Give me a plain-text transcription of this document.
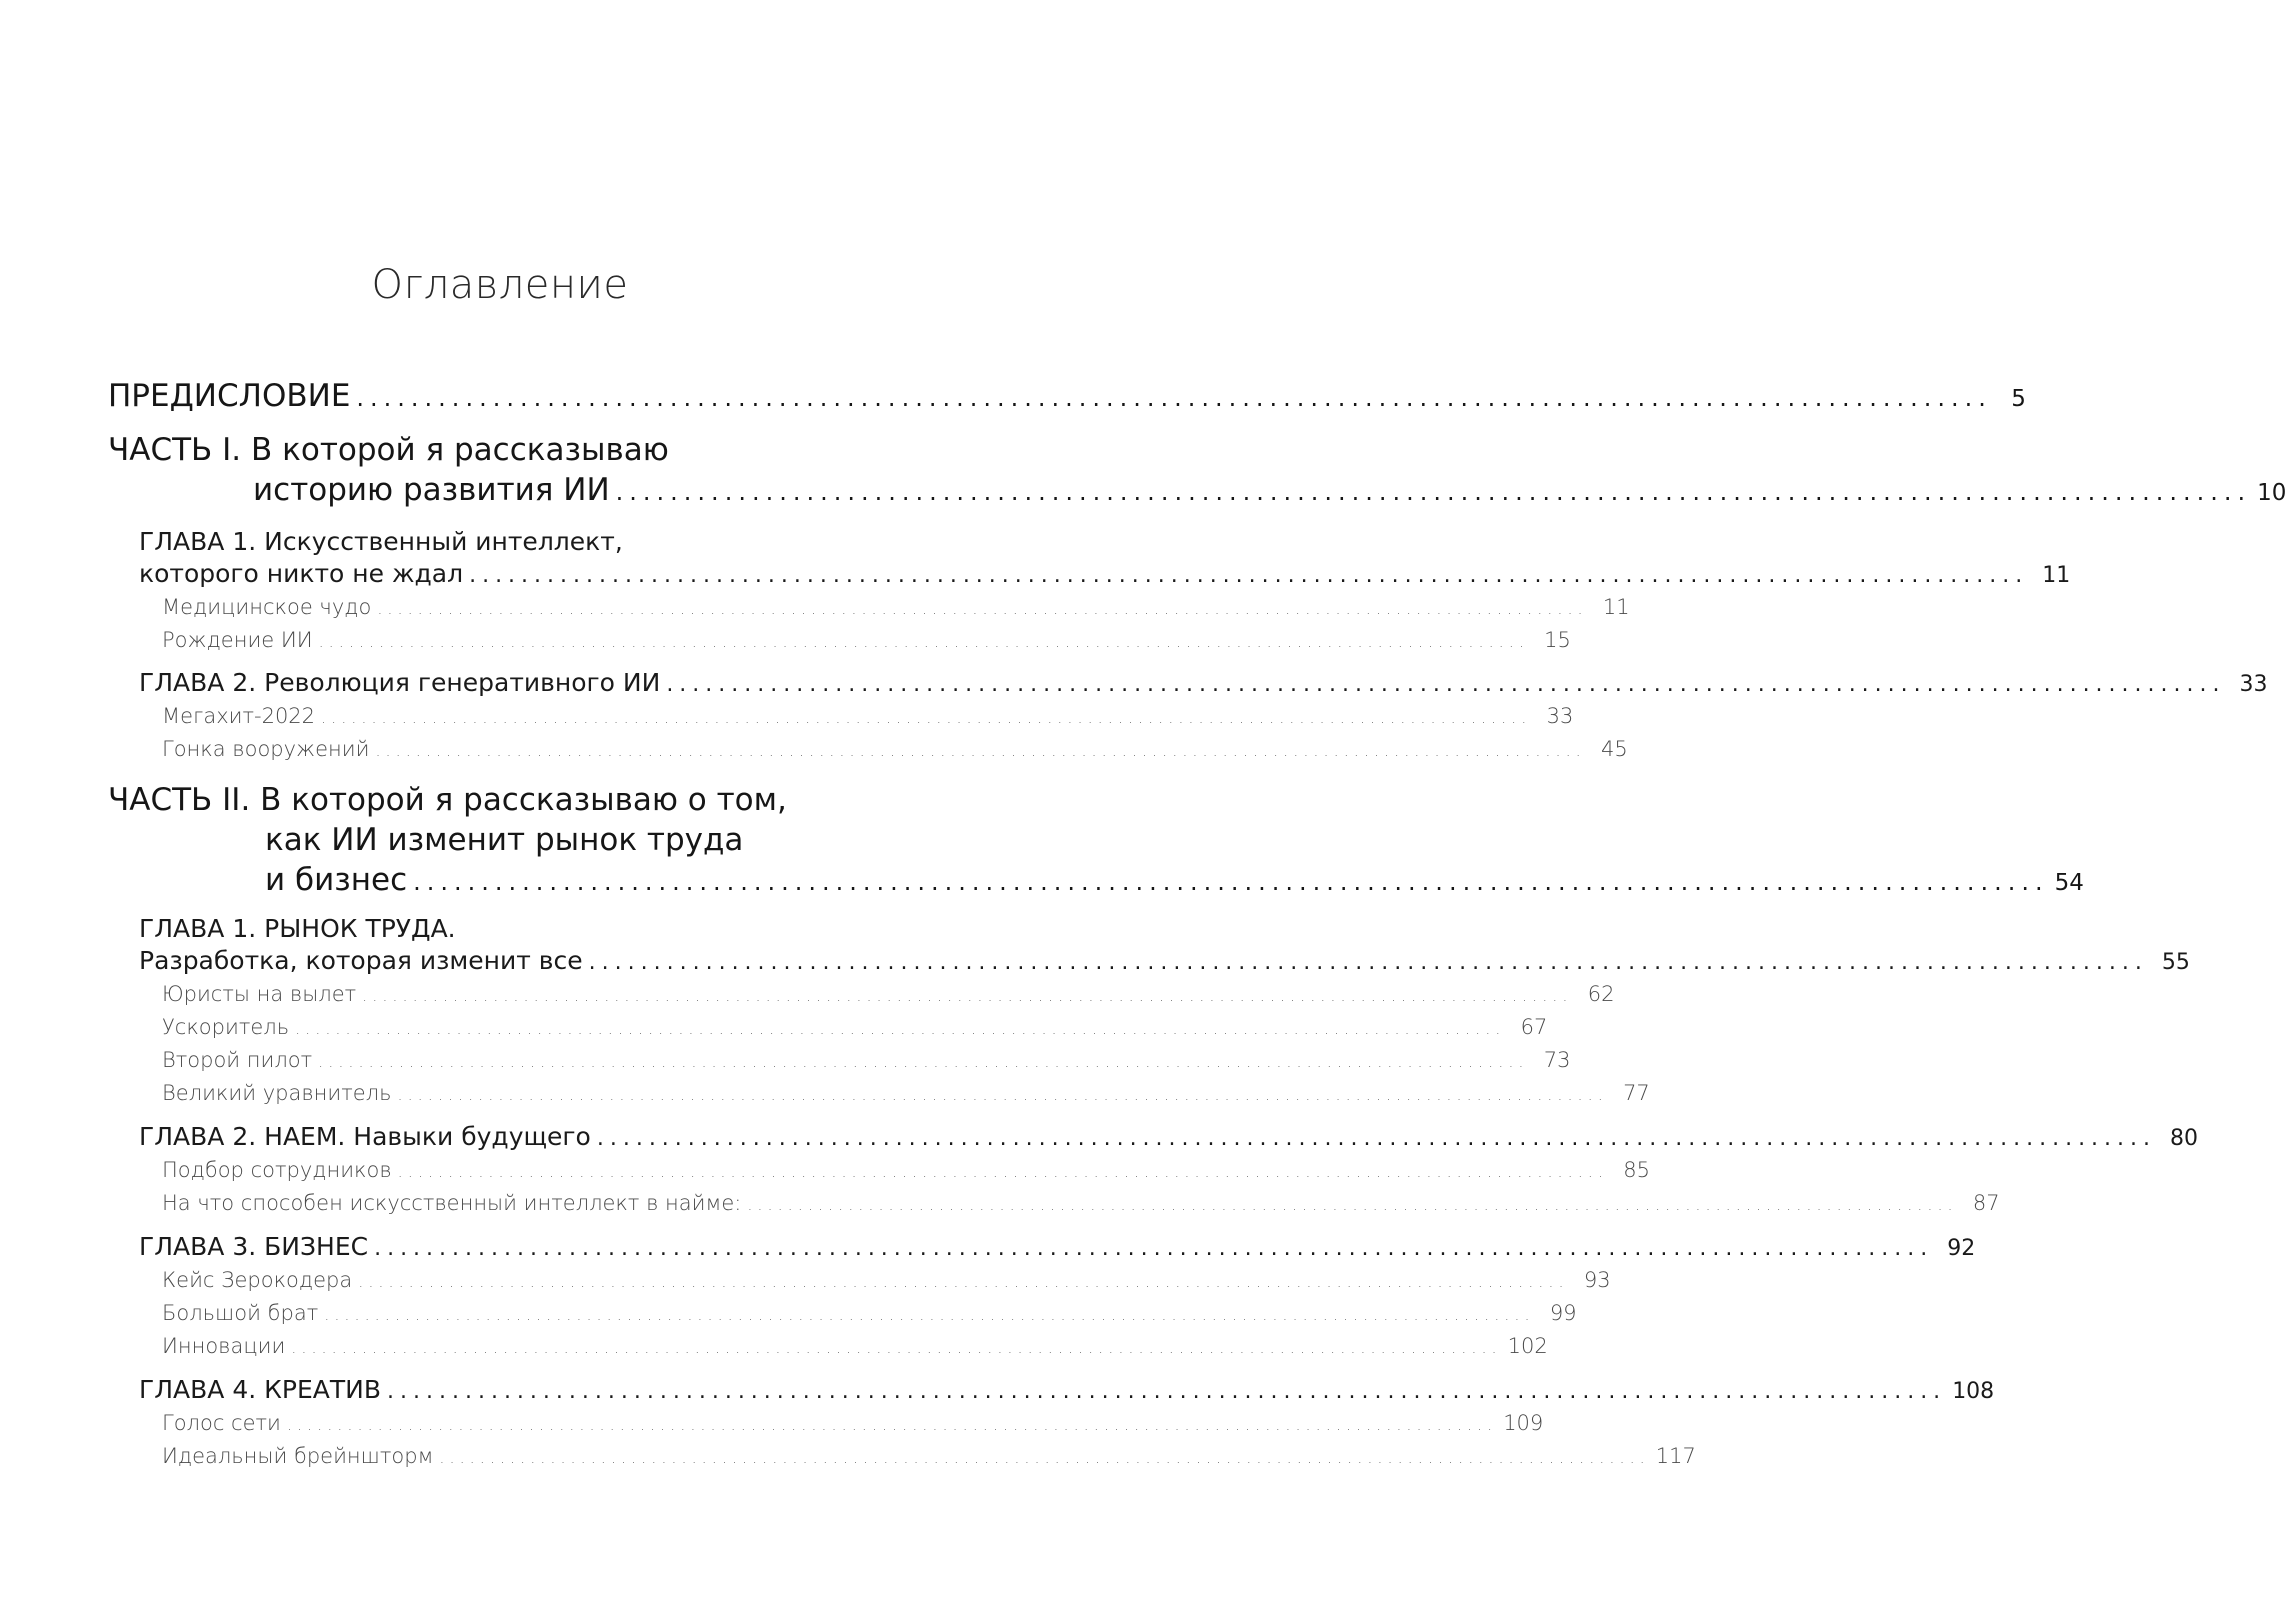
Оглавление
ПРЕДИСЛОВИЕ ........................................................................................................................ 5
ЧАСТЬ I. В которой я рассказываю
историю развития ИИ ........................................................................................................................ 10
ГЛАВА 1. Искусственный интеллект,
которого никто не ждал ........................................................................................................................ 11
Медицинское чудо ........................................................................................................................ 11
Рождение ИИ ........................................................................................................................ 15
ГЛАВА 2. Революция генеративного ИИ ........................................................................................................................ 33
Мегахит-2022 ........................................................................................................................ 33
Гонка вооружений ........................................................................................................................ 45
ЧАСТЬ II. В которой я рассказываю о том,
как ИИ изменит рынок труда
и бизнес ........................................................................................................................ 54
ГЛАВА 1. РЫНОК ТРУДА.
Разработка, которая изменит все ........................................................................................................................ 55
Юристы на вылет ........................................................................................................................ 62
Ускоритель ........................................................................................................................ 67
Второй пилот ........................................................................................................................ 73
Великий уравнитель ........................................................................................................................ 77
ГЛАВА 2. НАЕМ. Навыки будущего ........................................................................................................................ 80
Подбор сотрудников ........................................................................................................................ 85
На что способен искусственный интеллект в найме: ........................................................................................................................ 87
ГЛАВА 3. БИЗНЕС ........................................................................................................................ 92
Кейс Зерокодера ........................................................................................................................ 93
Большой брат ........................................................................................................................ 99
Инновации ........................................................................................................................ 102
ГЛАВА 4. КРЕАТИВ ........................................................................................................................ 108
Голос сети ........................................................................................................................ 109
Идеальный брейншторм ........................................................................................................................ 117
